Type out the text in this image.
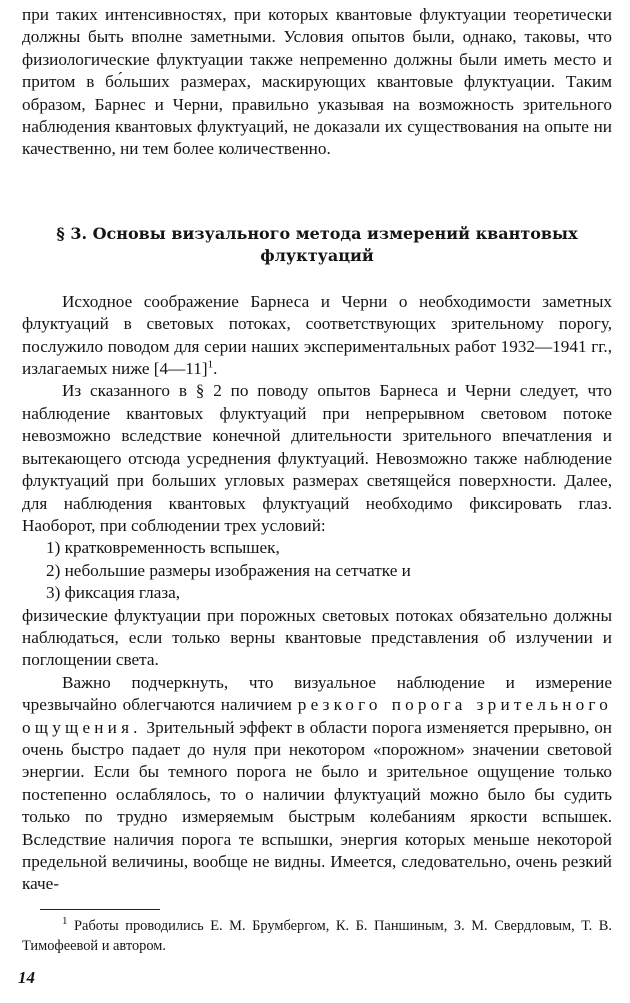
при таких интенсивностях, при которых квантовые флуктуации теоретически должны быть вполне заметными. Условия опытов были, однако, таковы, что физиологические флуктуации также непременно должны были иметь место и притом в бо́льших размерах, маскирующих квантовые флуктуации. Таким образом, Барнес и Черни, правильно указывая на возможность зрительного наблюдения квантовых флуктуаций, не доказали их существования на опыте ни качественно, ни тем более количественно.

§ 3. Основы визуального метода измерений квантовых флуктуаций

Исходное соображение Барнеса и Черни о необходимости заметных флуктуаций в световых потоках, соответствующих зрительному порогу, послужило поводом для серии наших экспериментальных работ 1932—1941 гг., излагаемых ниже [4—11]$^1$.

Из сказанного в § 2 по поводу опытов Барнеса и Черни следует, что наблюдение квантовых флуктуаций при непрерывном световом потоке невозможно вследствие конечной длительности зрительного впечатления и вытекающего отсюда усреднения флуктуаций. Невозможно также наблюдение флуктуаций при больших угловых размерах светящейся поверхности. Далее, для наблюдения квантовых флуктуаций необходимо фиксировать глаз. Наоборот, при соблюдении трех условий:

1) кратковременность вспышек,

2) небольшие размеры изображения на сетчатке и

3) фиксация глаза,

физические флуктуации при порожных световых потоках обязательно должны наблюдаться, если только верны квантовые представления об излучении и поглощении света.

Важно подчеркнуть, что визуальное наблюдение и измерение чрезвычайно облегчаются наличием резкого порога зрительного ощущения. Зрительный эффект в области порога изменяется прерывно, он очень быстро падает до нуля при некотором «порожном» значении световой энергии. Если бы темного порога не было и зрительное ощущение только постепенно ослаблялось, то о наличии флуктуаций можно было бы судить только по трудно измеряемым быстрым колебаниям яркости вспышек. Вследствие наличия порога те вспышки, энергия которых меньше некоторой предельной величины, вообще не видны. Имеется, следовательно, очень резкий каче-

$^1$ Работы проводились Е. М. Брумбергом, К. Б. Паншиным, З. М. Свердловым, Т. В. Тимофеевой и автором.

14
